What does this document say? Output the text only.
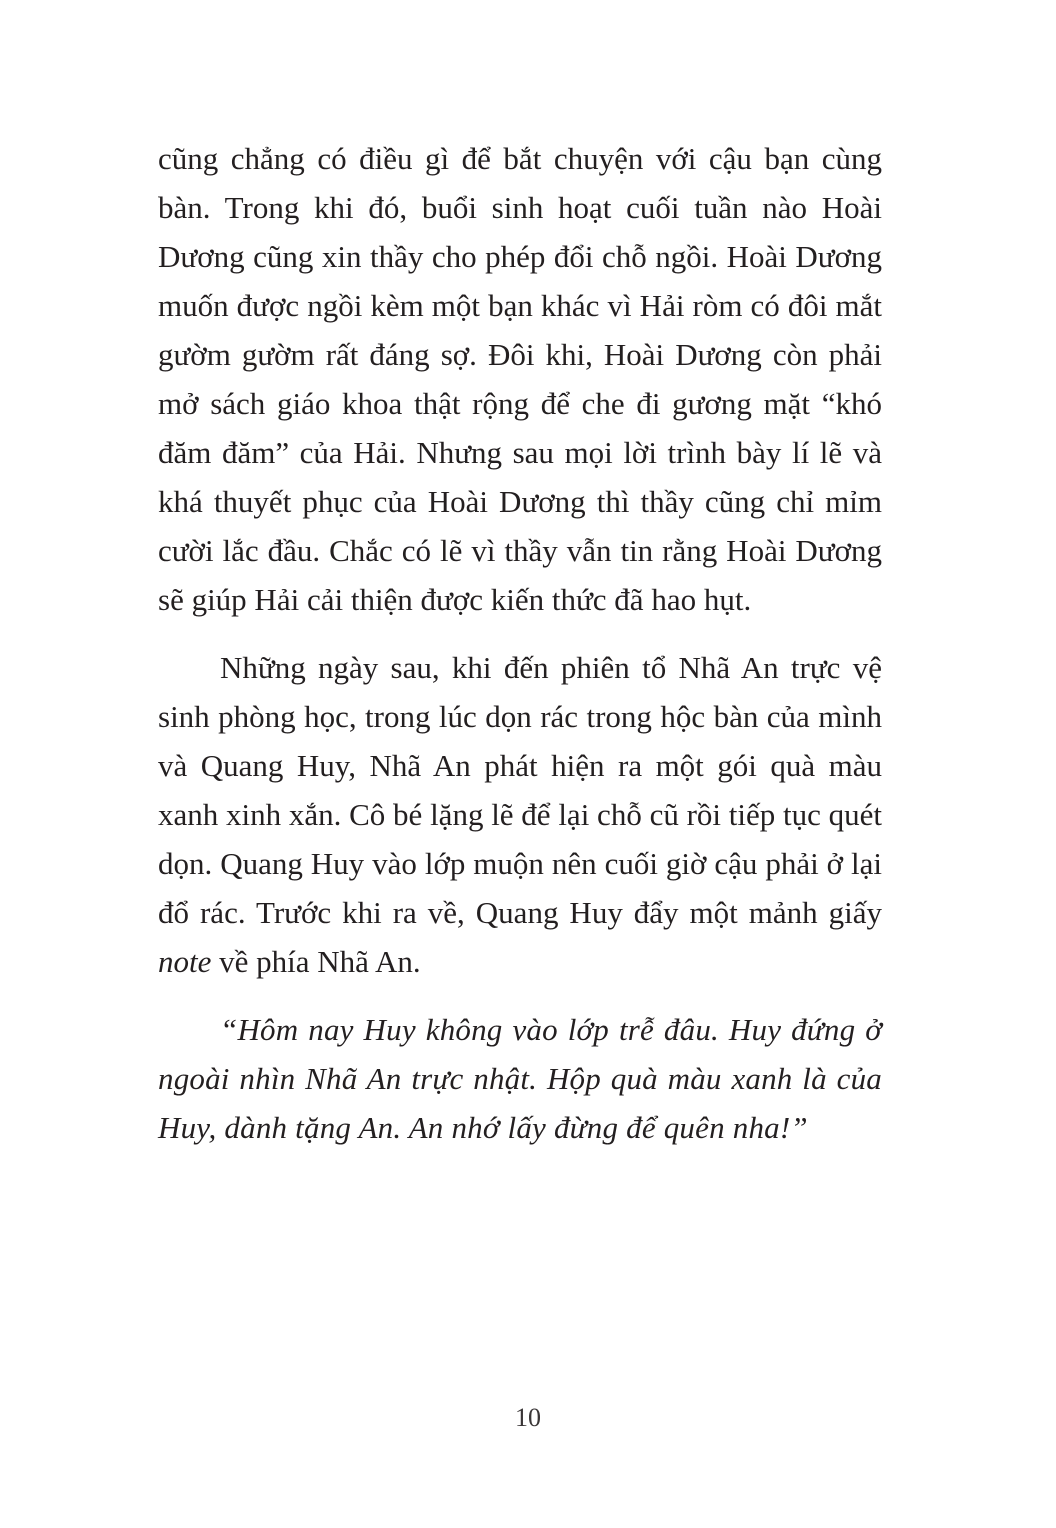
cũng chẳng có điều gì để bắt chuyện với cậu bạn cùng bàn. Trong khi đó, buổi sinh hoạt cuối tuần nào Hoài Dương cũng xin thầy cho phép đổi chỗ ngồi. Hoài Dương muốn được ngồi kèm một bạn khác vì Hải ròm có đôi mắt gườm gườm rất đáng sợ. Đôi khi, Hoài Dương còn phải mở sách giáo khoa thật rộng để che đi gương mặt “khó đăm đăm” của Hải. Nhưng sau mọi lời trình bày lí lẽ và khá thuyết phục của Hoài Dương thì thầy cũng chỉ mỉm cười lắc đầu. Chắc có lẽ vì thầy vẫn tin rằng Hoài Dương sẽ giúp Hải cải thiện được kiến thức đã hao hụt.

Những ngày sau, khi đến phiên tổ Nhã An trực vệ sinh phòng học, trong lúc dọn rác trong hộc bàn của mình và Quang Huy, Nhã An phát hiện ra một gói quà màu xanh xinh xắn. Cô bé lặng lẽ để lại chỗ cũ rồi tiếp tục quét dọn. Quang Huy vào lớp muộn nên cuối giờ cậu phải ở lại đổ rác. Trước khi ra về, Quang Huy đẩy một mảnh giấy note về phía Nhã An.

“Hôm nay Huy không vào lớp trễ đâu. Huy đứng ở ngoài nhìn Nhã An trực nhật. Hộp quà màu xanh là của Huy, dành tặng An. An nhớ lấy đừng để quên nha!”

10
